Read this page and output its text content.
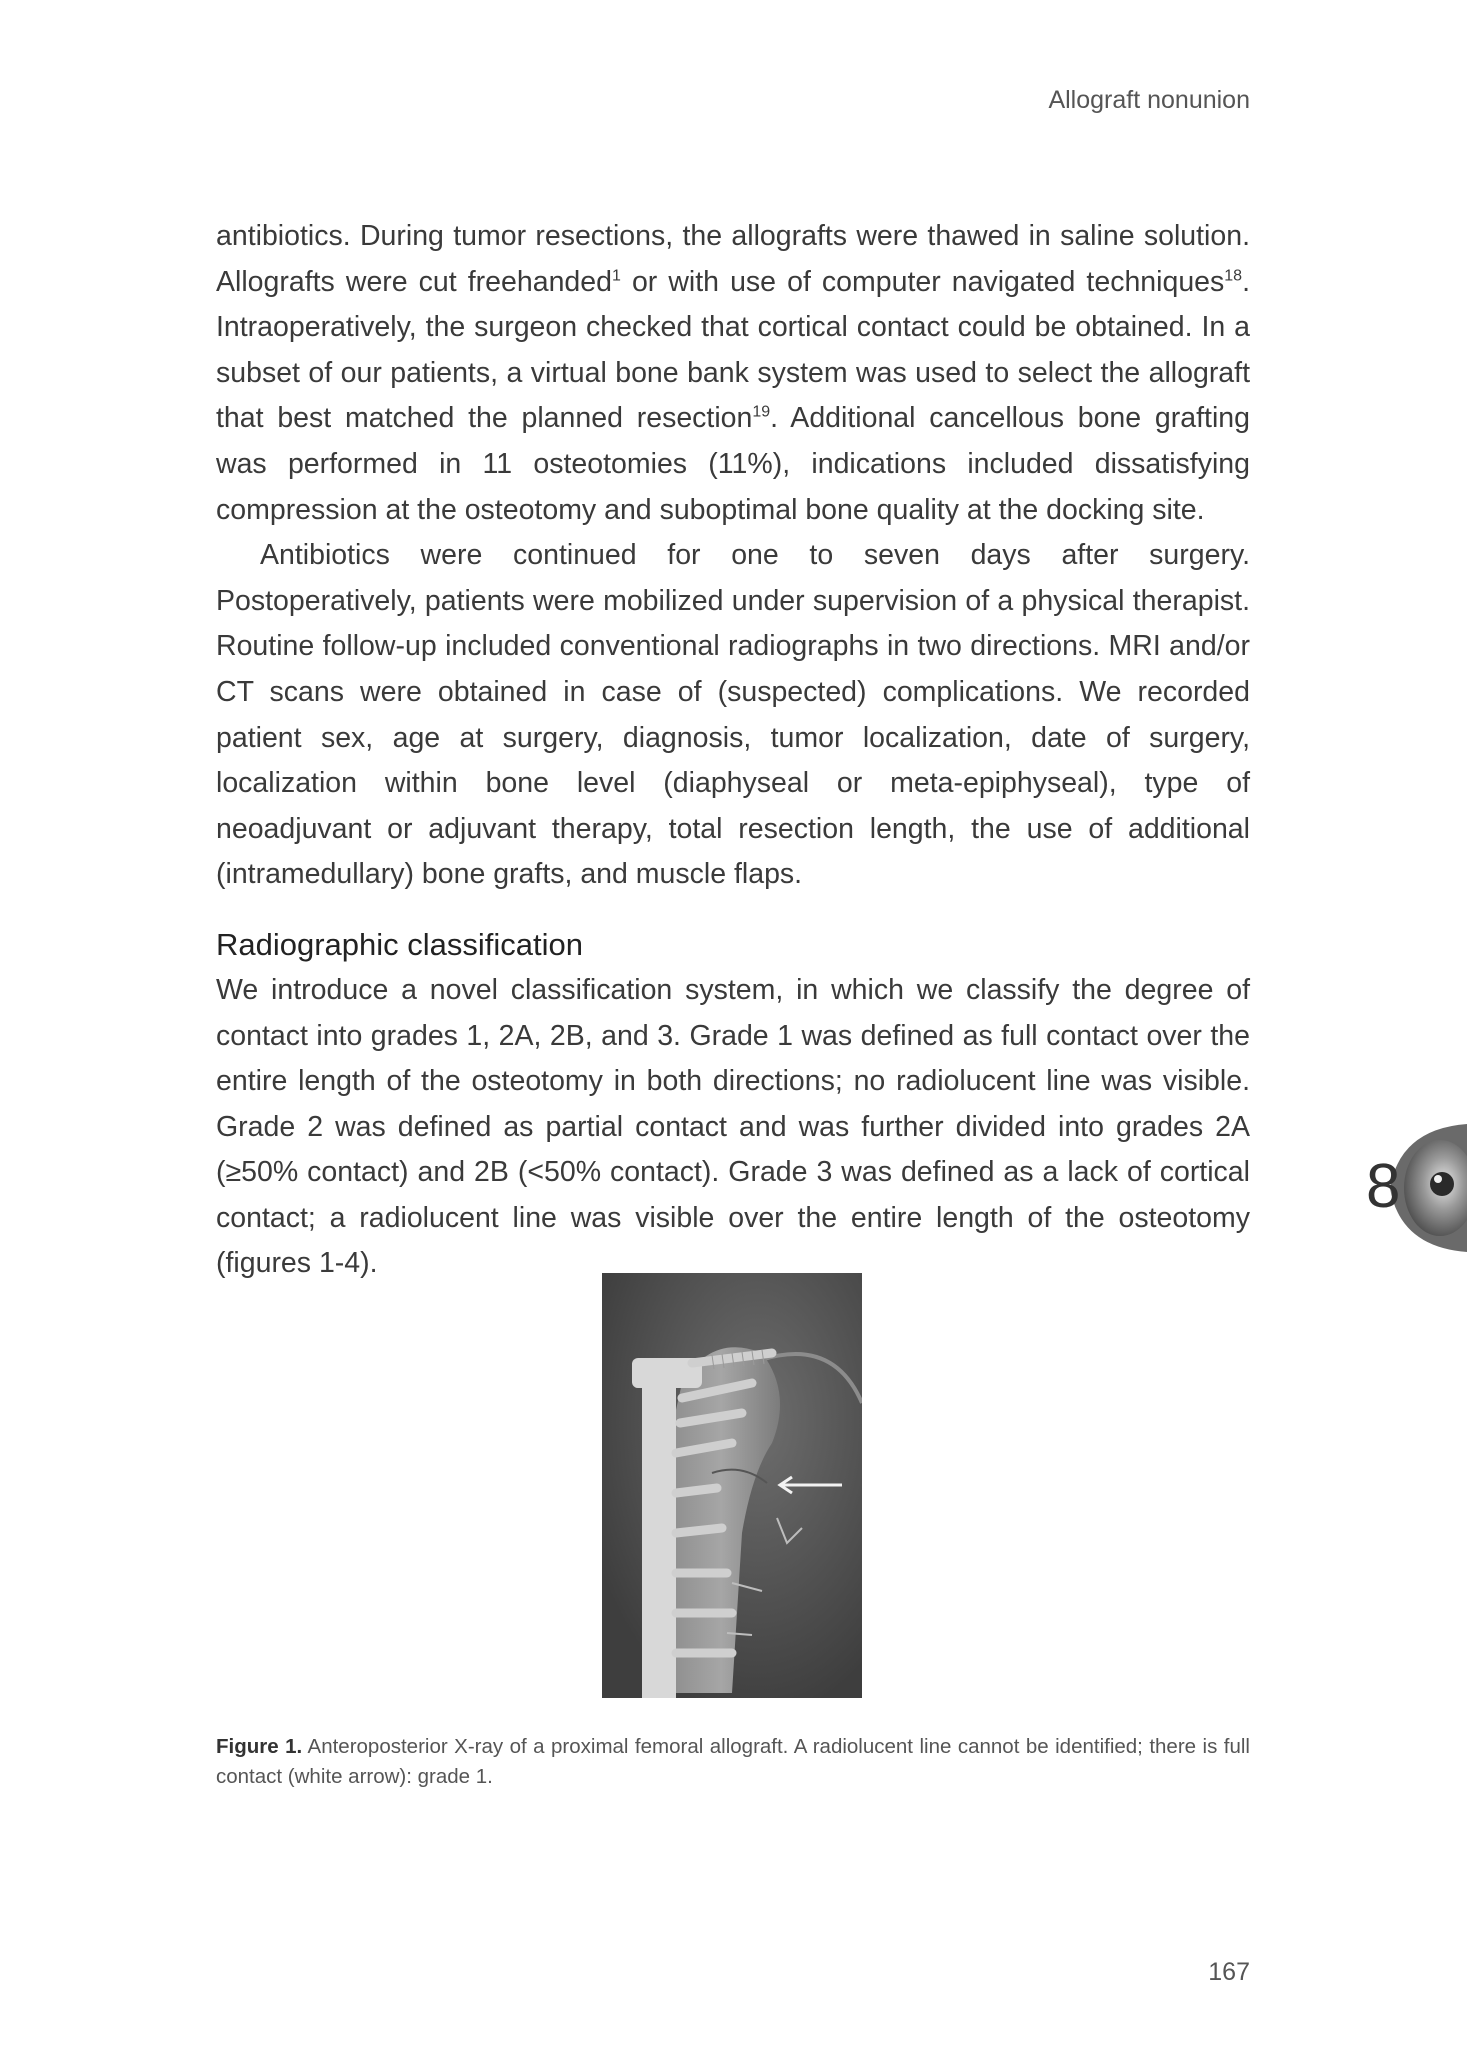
Allograft nonunion

antibiotics. During tumor resections, the allografts were thawed in saline solution. Allografts were cut freehanded$^1$ or with use of computer navigated techniques$^{18}$. Intraoperatively, the surgeon checked that cortical contact could be obtained. In a subset of our patients, a virtual bone bank system was used to select the allograft that best matched the planned resection$^{19}$. Additional cancellous bone grafting was performed in 11 osteotomies (11%), indications included dissatisfying compression at the osteotomy and suboptimal bone quality at the docking site.

Antibiotics were continued for one to seven days after surgery. Postoperatively, patients were mobilized under supervision of a physical therapist. Routine follow-up included conventional radiographs in two directions. MRI and/or CT scans were obtained in case of (suspected) complications. We recorded patient sex, age at surgery, diagnosis, tumor localization, date of surgery, localization within bone level (diaphyseal or meta-epiphyseal), type of neoadjuvant or adjuvant therapy, total resection length, the use of additional (intramedullary) bone grafts, and muscle flaps.

Radiographic classification

We introduce a novel classification system, in which we classify the degree of contact into grades 1, 2A, 2B, and 3. Grade 1 was defined as full contact over the entire length of the osteotomy in both directions; no radiolucent line was visible. Grade 2 was defined as partial contact and was further divided into grades 2A (≥50% contact) and 2B (<50% contact). Grade 3 was defined as a lack of cortical contact; a radiolucent line was visible over the entire length of the osteotomy (figures 1-4).

Figure 1. Anteroposterior X-ray of a proximal femoral allograft. A radiolucent line cannot be identified; there is full contact (white arrow): grade 1.
8
167
